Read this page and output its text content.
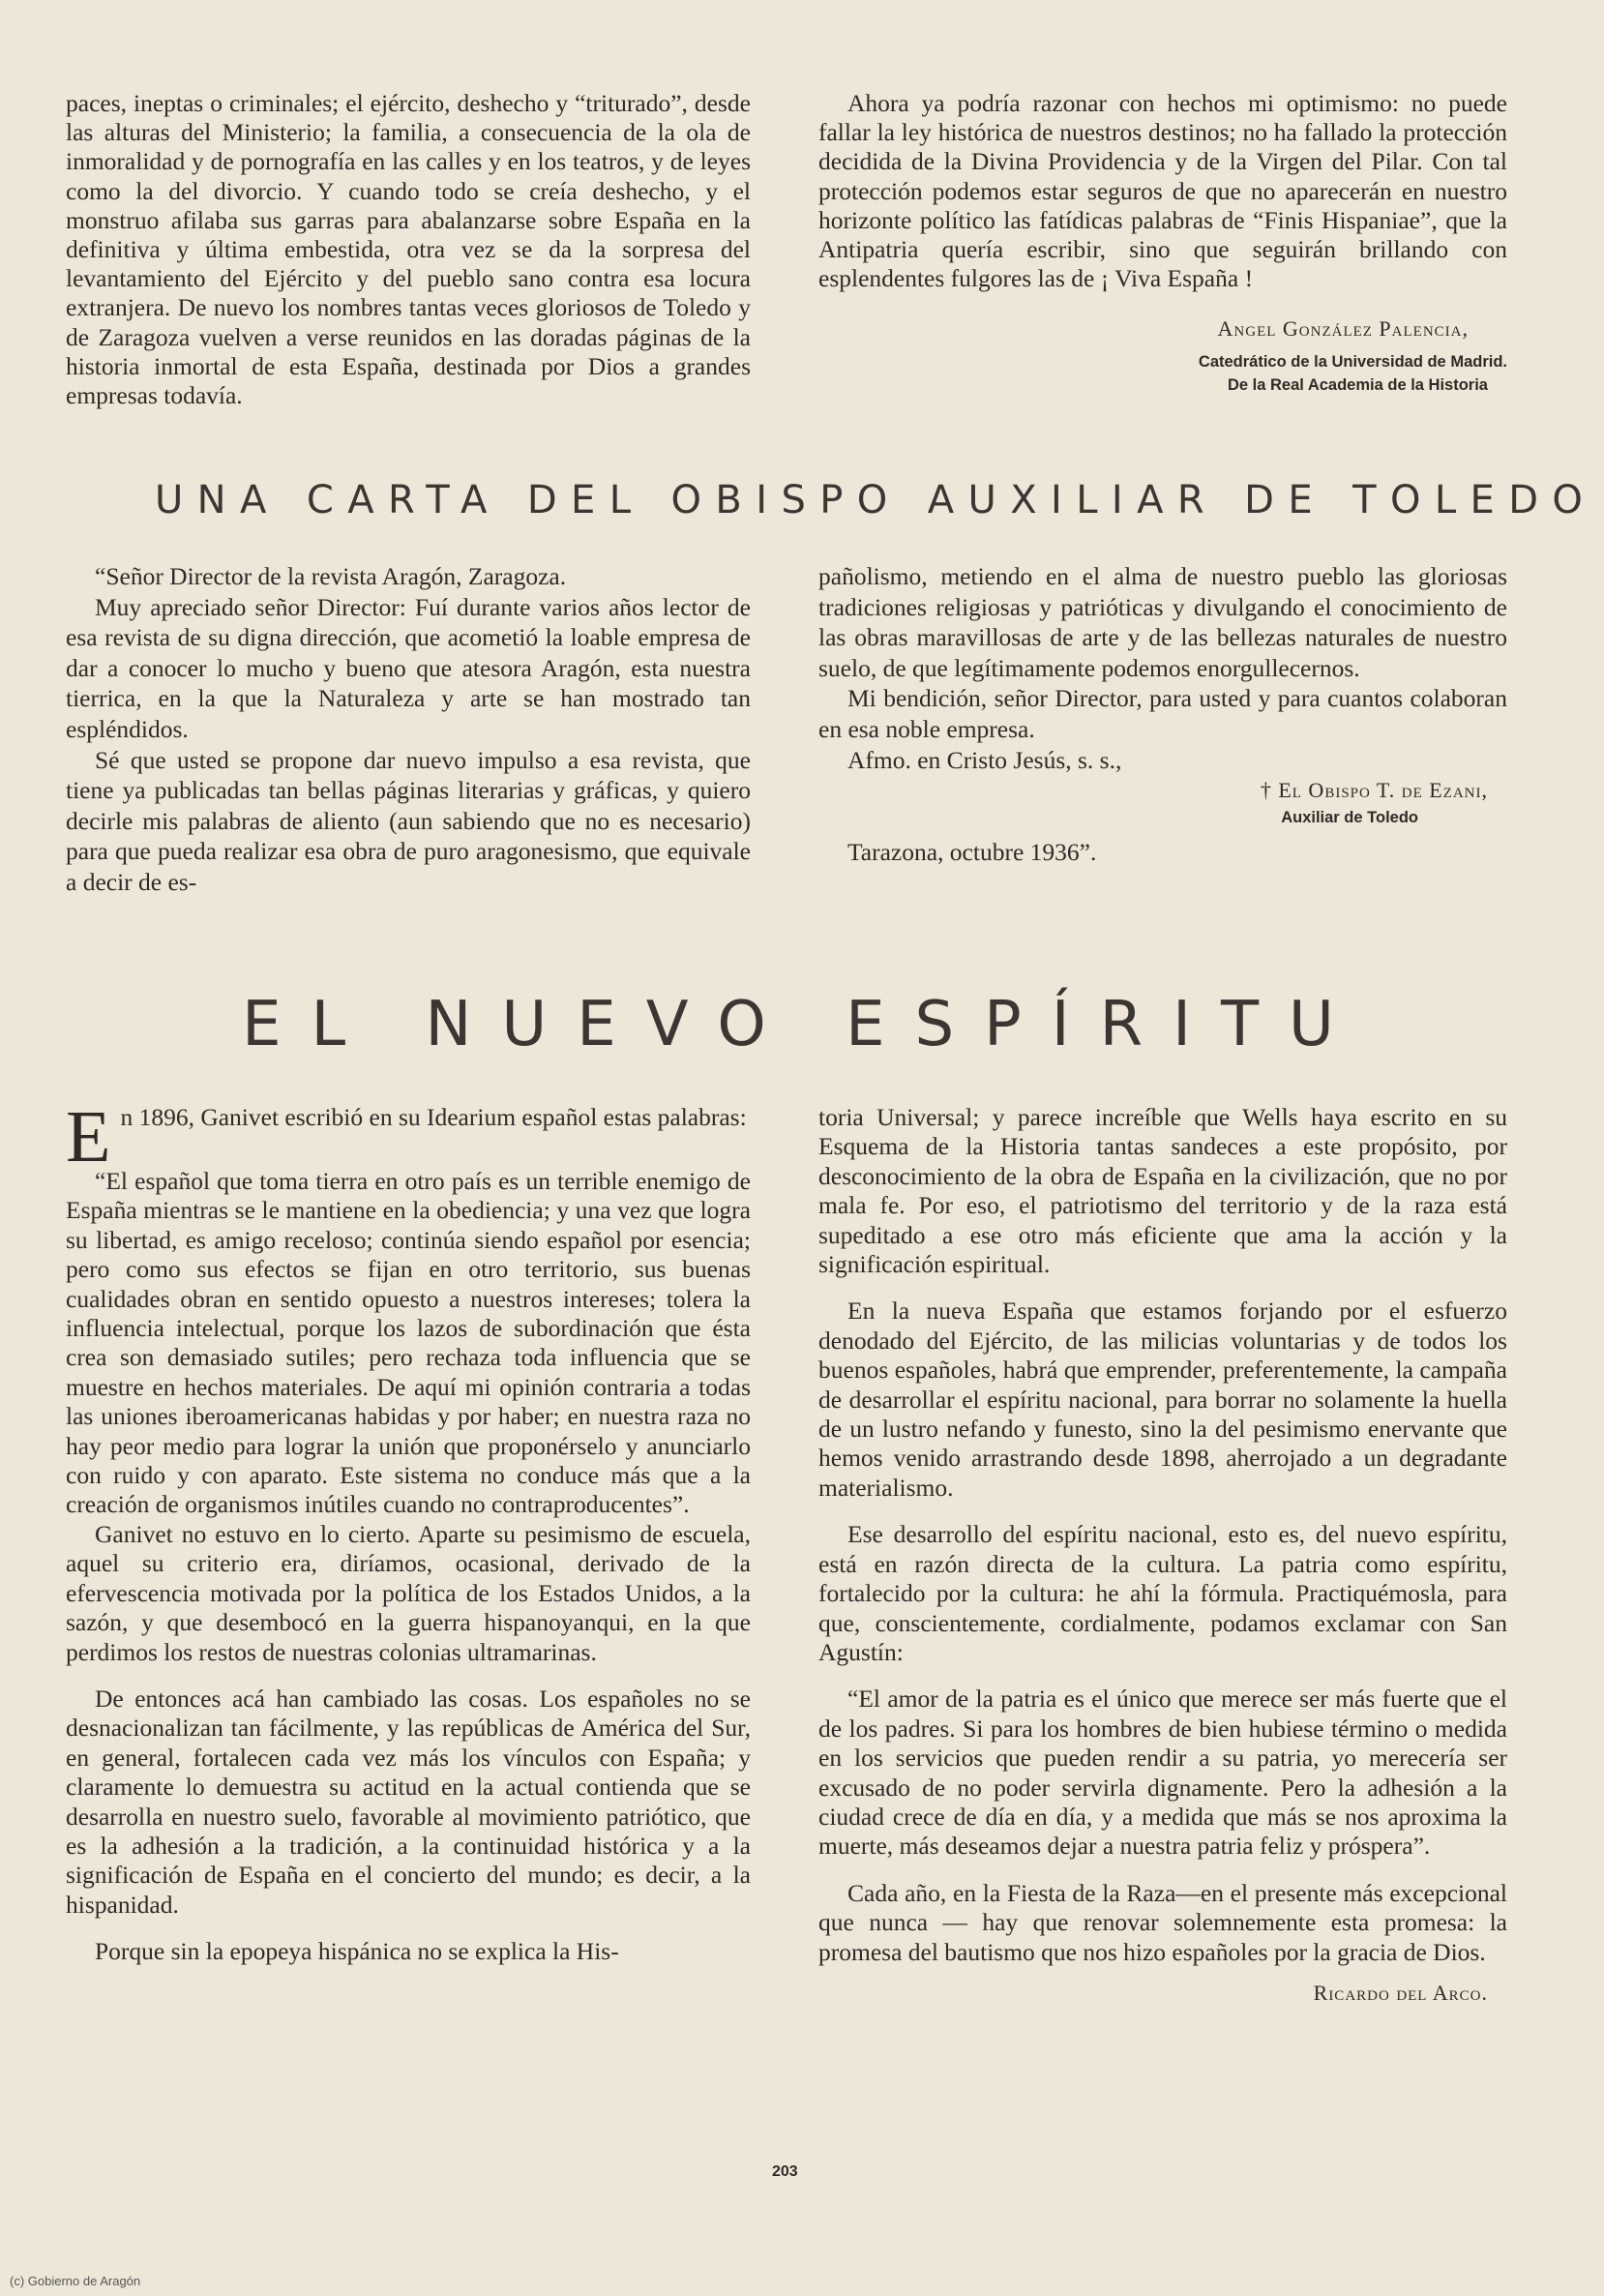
paces, ineptas o criminales; el ejército, deshecho y “triturado”, desde las alturas del Ministerio; la familia, a consecuencia de la ola de inmoralidad y de pornografía en las calles y en los teatros, y de leyes como la del divorcio. Y cuando todo se creía deshecho, y el monstruo afilaba sus garras para abalanzarse sobre España en la definitiva y última embestida, otra vez se da la sorpresa del levantamiento del Ejército y del pueblo sano contra esa locura extranjera. De nuevo los nombres tantas veces gloriosos de Toledo y de Zaragoza vuelven a verse reunidos en las doradas páginas de la historia inmortal de esta España, destinada por Dios a grandes empresas todavía.

Ahora ya podría razonar con hechos mi optimismo: no puede fallar la ley histórica de nuestros destinos; no ha fallado la protección decidida de la Divina Providencia y de la Virgen del Pilar. Con tal protección podemos estar seguros de que no aparecerán en nuestro horizonte político las fatídicas palabras de “Finis Hispaniae”, que la Antipatria quería escribir, sino que seguirán brillando con esplendentes fulgores las de ¡ Viva España !

Angel González Palencia,

Catedrático de la Universidad de Madrid.
De la Real Academia de la Historia
UNA CARTA DEL OBISPO AUXILIAR DE TOLEDO

“Señor Director de la revista Aragón, Zaragoza.

Muy apreciado señor Director: Fuí durante varios años lector de esa revista de su digna dirección, que acometió la loable empresa de dar a conocer lo mucho y bueno que atesora Aragón, esta nuestra tierrica, en la que la Naturaleza y arte se han mostrado tan espléndidos.

Sé que usted se propone dar nuevo impulso a esa revista, que tiene ya publicadas tan bellas páginas literarias y gráficas, y quiero decirle mis palabras de aliento (aun sabiendo que no es necesario) para que pueda realizar esa obra de puro aragonesismo, que equivale a decir de es-

pañolismo, metiendo en el alma de nuestro pueblo las gloriosas tradiciones religiosas y patrióticas y divulgando el conocimiento de las obras maravillosas de arte y de las bellezas naturales de nuestro suelo, de que legítimamente podemos enorgullecernos.

Mi bendición, señor Director, para usted y para cuantos colaboran en esa noble empresa.

Afmo. en Cristo Jesús, s. s.,

† El Obispo T. de Ezani,

Auxiliar de Toledo

Tarazona, octubre 1936”.

EL NUEVO ESPÍRITU

En 1896, Ganivet escribió en su Idearium español estas palabras:

“El español que toma tierra en otro país es un terrible enemigo de España mientras se le mantiene en la obediencia; y una vez que logra su libertad, es amigo receloso; continúa siendo español por esencia; pero como sus efectos se fijan en otro territorio, sus buenas cualidades obran en sentido opuesto a nuestros intereses; tolera la influencia intelectual, porque los lazos de subordinación que ésta crea son demasiado sutiles; pero rechaza toda influencia que se muestre en hechos materiales. De aquí mi opinión contraria a todas las uniones iberoamericanas habidas y por haber; en nuestra raza no hay peor medio para lograr la unión que proponérselo y anunciarlo con ruido y con aparato. Este sistema no conduce más que a la creación de organismos inútiles cuando no contraproducentes”.

Ganivet no estuvo en lo cierto. Aparte su pesimismo de escuela, aquel su criterio era, diríamos, ocasional, derivado de la efervescencia motivada por la política de los Estados Unidos, a la sazón, y que desembocó en la guerra hispanoyanqui, en la que perdimos los restos de nuestras colonias ultramarinas.

De entonces acá han cambiado las cosas. Los españoles no se desnacionalizan tan fácilmente, y las repúblicas de América del Sur, en general, fortalecen cada vez más los vínculos con España; y claramente lo demuestra su actitud en la actual contienda que se desarrolla en nuestro suelo, favorable al movimiento patriótico, que es la adhesión a la tradición, a la continuidad histórica y a la significación de España en el concierto del mundo; es decir, a la hispanidad.

Porque sin la epopeya hispánica no se explica la His-

toria Universal; y parece increíble que Wells haya escrito en su Esquema de la Historia tantas sandeces a este propósito, por desconocimiento de la obra de España en la civilización, que no por mala fe. Por eso, el patriotismo del territorio y de la raza está supeditado a ese otro más eficiente que ama la acción y la significación espiritual.

En la nueva España que estamos forjando por el esfuerzo denodado del Ejército, de las milicias voluntarias y de todos los buenos españoles, habrá que emprender, preferentemente, la campaña de desarrollar el espíritu nacional, para borrar no solamente la huella de un lustro nefando y funesto, sino la del pesimismo enervante que hemos venido arrastrando desde 1898, aherrojado a un degradante materialismo.

Ese desarrollo del espíritu nacional, esto es, del nuevo espíritu, está en razón directa de la cultura. La patria como espíritu, fortalecido por la cultura: he ahí la fórmula. Practiquémosla, para que, conscientemente, cordialmente, podamos exclamar con San Agustín:

“El amor de la patria es el único que merece ser más fuerte que el de los padres. Si para los hombres de bien hubiese término o medida en los servicios que pueden rendir a su patria, yo merecería ser excusado de no poder servirla dignamente. Pero la adhesión a la ciudad crece de día en día, y a medida que más se nos aproxima la muerte, más deseamos dejar a nuestra patria feliz y próspera”.

Cada año, en la Fiesta de la Raza—en el presente más excepcional que nunca — hay que renovar solemnemente esta promesa: la promesa del bautismo que nos hizo españoles por la gracia de Dios.

Ricardo del Arco.

203
(c) Gobierno de Aragón
